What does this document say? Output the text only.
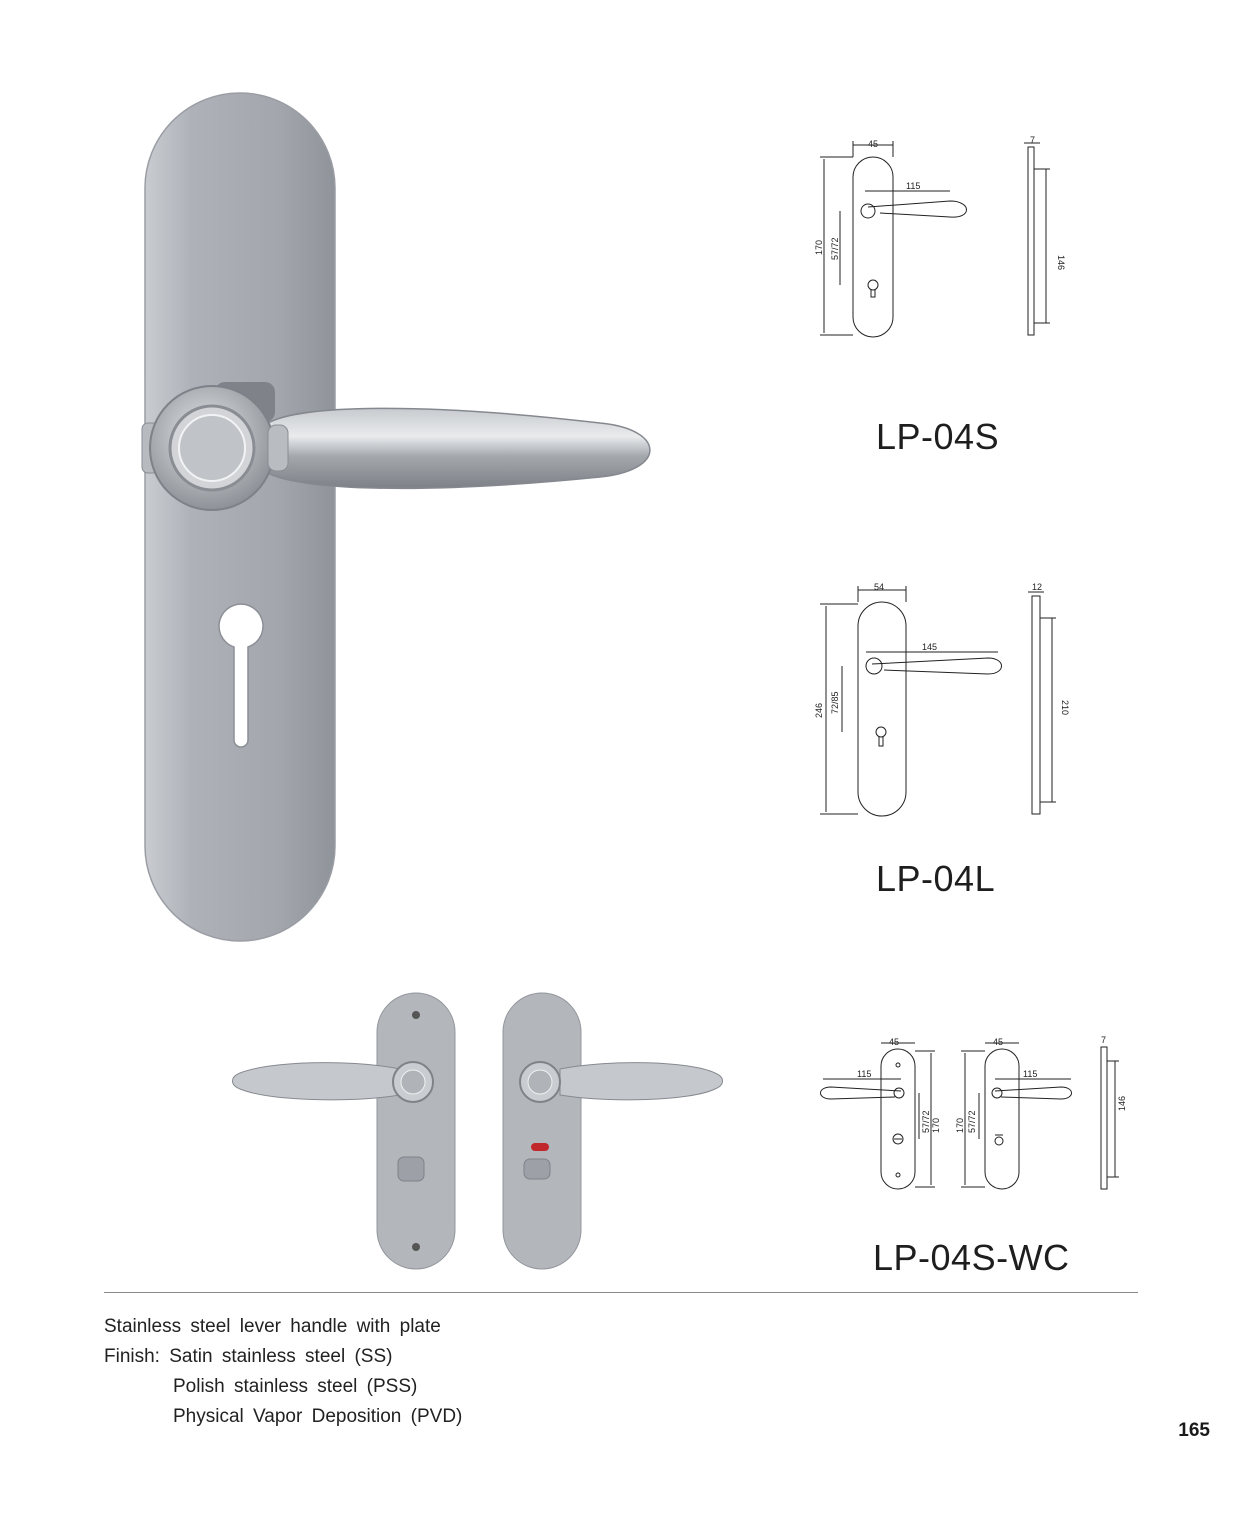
45	7
115
170 57/72
146
LP-04S
54	12
145
246 72/85	210
LP-04L
45	45	7
115	115
170
57/72	170 57/72
146
LP-04S-WC
Stainless steel lever handle with plate
Finish: Satin stainless steel (SS)
Polish stainless steel (PSS)
Physical Vapor Deposition (PVD)
165
